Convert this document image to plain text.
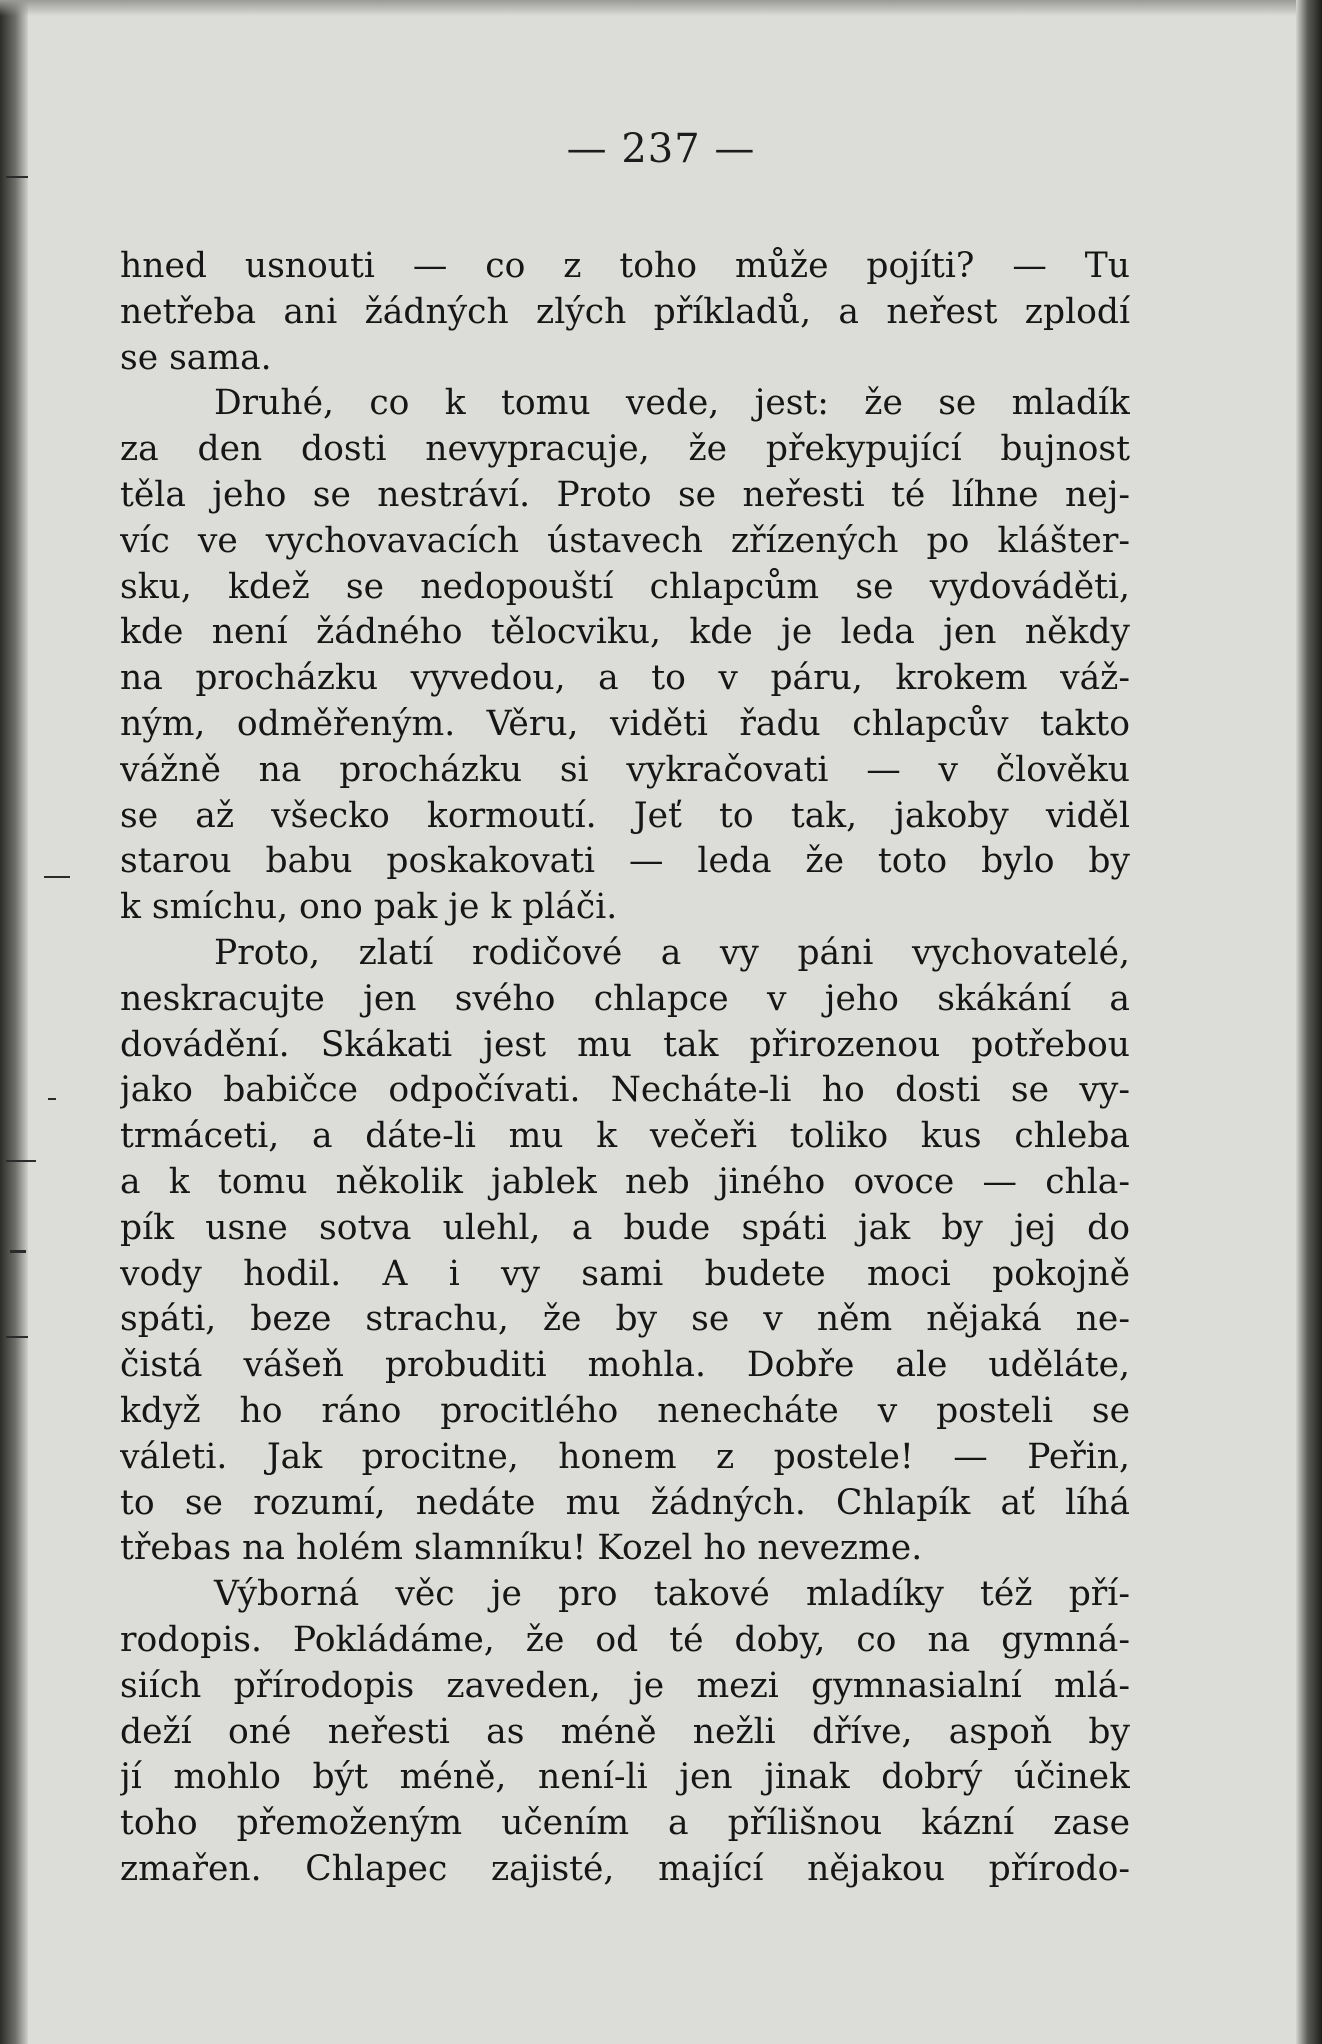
— 237 —
hned usnouti — co z toho může pojíti? — Tu
netřeba ani žádných zlých příkladů, a neřest zplodí
se sama.
Druhé, co k tomu vede, jest: že se mladík
za den dosti nevypracuje, že překypující bujnost
těla jeho se nestráví. Proto se neřesti té líhne nej-
víc ve vychovavacích ústavech zřízených po klášter-
sku, kdež se nedopouští chlapcům se vydováděti,
kde není žádného tělocviku, kde je leda jen někdy
na procházku vyvedou, a to v páru, krokem váž-
ným, odměřeným. Věru, viděti řadu chlapcův takto
vážně na procházku si vykračovati — v člověku
se až všecko kormoutí. Jeť to tak, jakoby viděl
starou babu poskakovati — leda že toto bylo by
k smíchu, ono pak je k pláči.
Proto, zlatí rodičové a vy páni vychovatelé,
neskracujte jen svého chlapce v jeho skákání a
dovádění. Skákati jest mu tak přirozenou potřebou
jako babičce odpočívati. Necháte-li ho dosti se vy-
trmáceti, a dáte-li mu k večeři toliko kus chleba
a k tomu několik jablek neb jiného ovoce — chla-
pík usne sotva ulehl, a bude spáti jak by jej do
vody hodil. A i vy sami budete moci pokojně
spáti, beze strachu, že by se v něm nějaká ne-
čistá vášeň probuditi mohla. Dobře ale uděláte,
když ho ráno procitlého nenecháte v posteli se
váleti. Jak procitne, honem z postele! — Peřin,
to se rozumí, nedáte mu žádných. Chlapík ať líhá
třebas na holém slamníku! Kozel ho nevezme.
Výborná věc je pro takové mladíky též pří-
rodopis. Pokládáme, že od té doby, co na gymná-
siích přírodopis zaveden, je mezi gymnasialní mlá-
deží oné neřesti as méně nežli dříve, aspoň by
jí mohlo být méně, není-li jen jinak dobrý účinek
toho přemoženým učením a přílišnou kázní zase
zmařen. Chlapec zajisté, mající nějakou přírodo-
